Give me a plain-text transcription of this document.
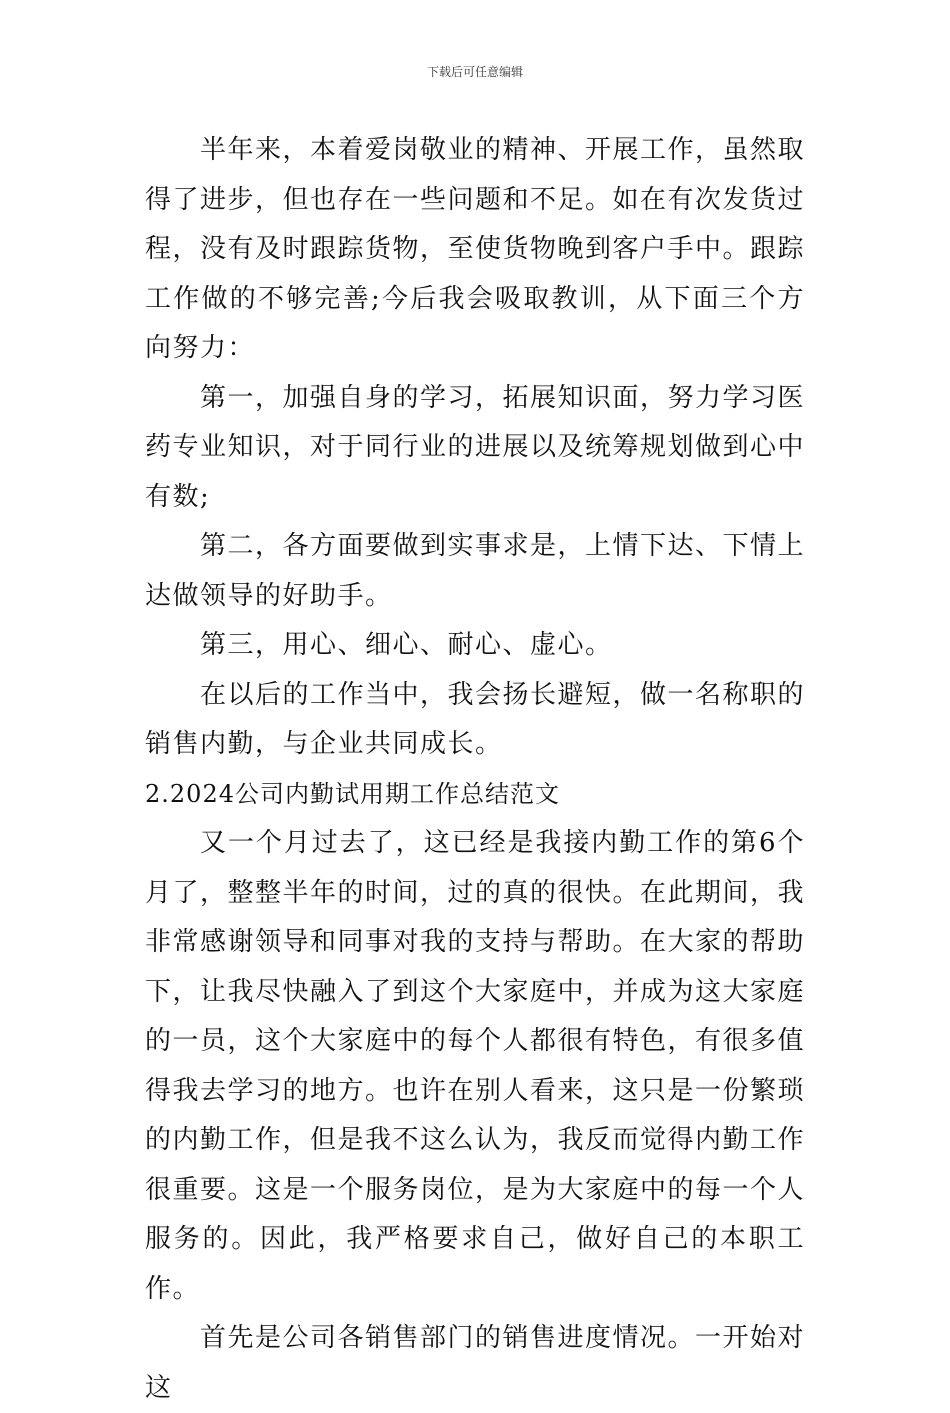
下载后可任意编辑

半年来，本着爱岗敬业的精神、开展工作，虽然取得了进步，但也存在一些问题和不足。如在有次发货过程，没有及时跟踪货物，至使货物晚到客户手中。跟踪工作做的不够完善;今后我会吸取教训，从下面三个方向努力：

第一，加强自身的学习，拓展知识面，努力学习医药专业知识，对于同行业的进展以及统筹规划做到心中有数;

第二，各方面要做到实事求是，上情下达、下情上达做领导的好助手。

第三，用心、细心、耐心、虚心。

在以后的工作当中，我会扬长避短，做一名称职的销售内勤，与企业共同成长。

2.2024公司内勤试用期工作总结范文

又一个月过去了，这已经是我接内勤工作的第6个月了，整整半年的时间，过的真的很快。在此期间，我非常感谢领导和同事对我的支持与帮助。在大家的帮助下，让我尽快融入了到这个大家庭中，并成为这大家庭的一员，这个大家庭中的每个人都很有特色，有很多值得我去学习的地方。也许在别人看来，这只是一份繁琐的内勤工作，但是我不这么认为，我反而觉得内勤工作很重要。这是一个服务岗位，是为大家庭中的每一个人服务的。因此，我严格要求自己，做好自己的本职工作。

首先是公司各销售部门的销售进度情况。一开始对这
